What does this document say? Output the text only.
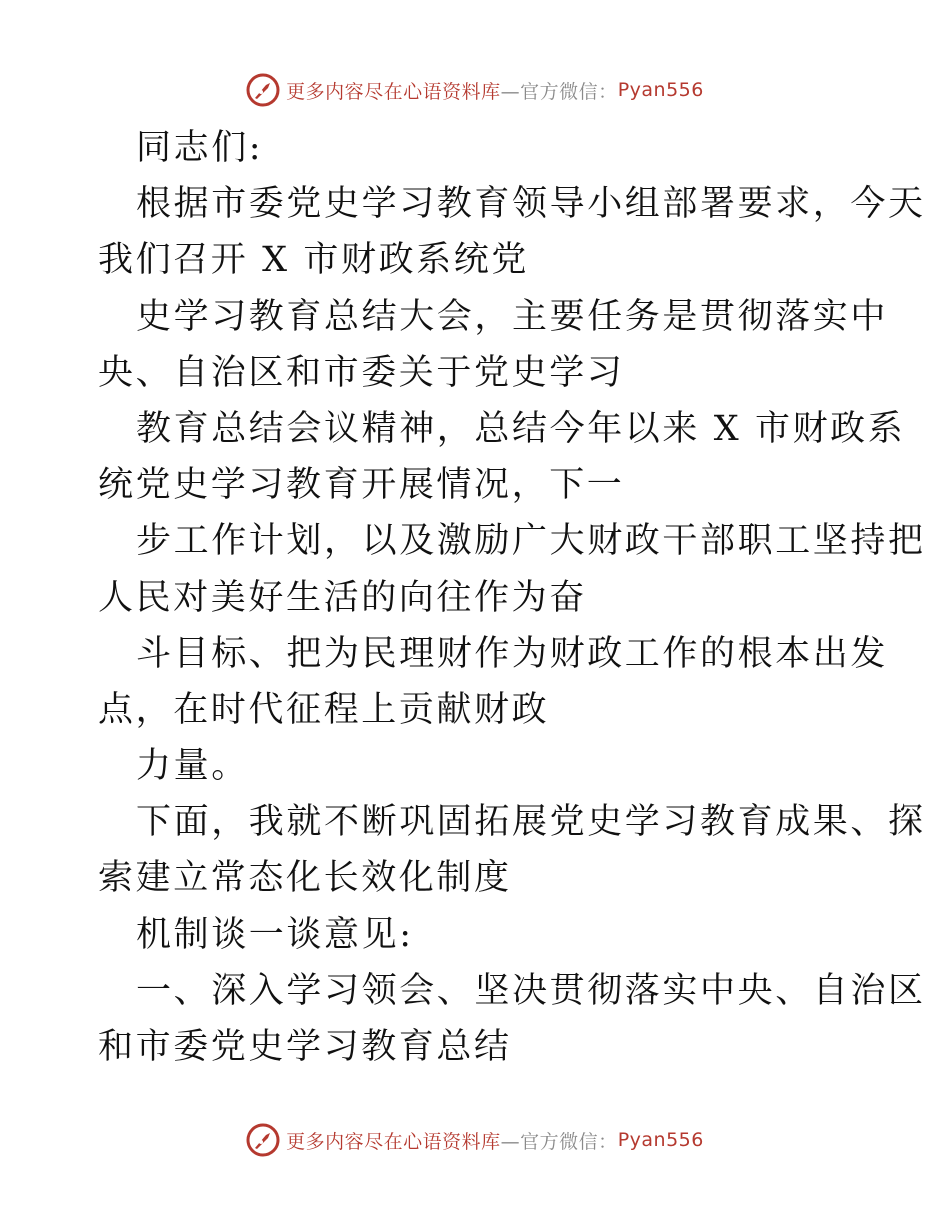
更多内容尽在心语资料库 —官方微信： Pyan556
同志们:
根据市委党史学习教育领导小组部署要求，今天
我们召开 X 市财政系统党
史学习教育总结大会，主要任务是贯彻落实中
央、自治区和市委关于党史学习
教育总结会议精神，总结今年以来 X 市财政系
统党史学习教育开展情况，下一
步工作计划，以及激励广大财政干部职工坚持把
人民对美好生活的向往作为奋
斗目标、把为民理财作为财政工作的根本出发
点，在时代征程上贡献财政
力量。
下面，我就不断巩固拓展党史学习教育成果、探
索建立常态化长效化制度
机制谈一谈意见:
一、深入学习领会、坚决贯彻落实中央、自治区
和市委党史学习教育总结
更多内容尽在心语资料库 —官方微信： Pyan556
